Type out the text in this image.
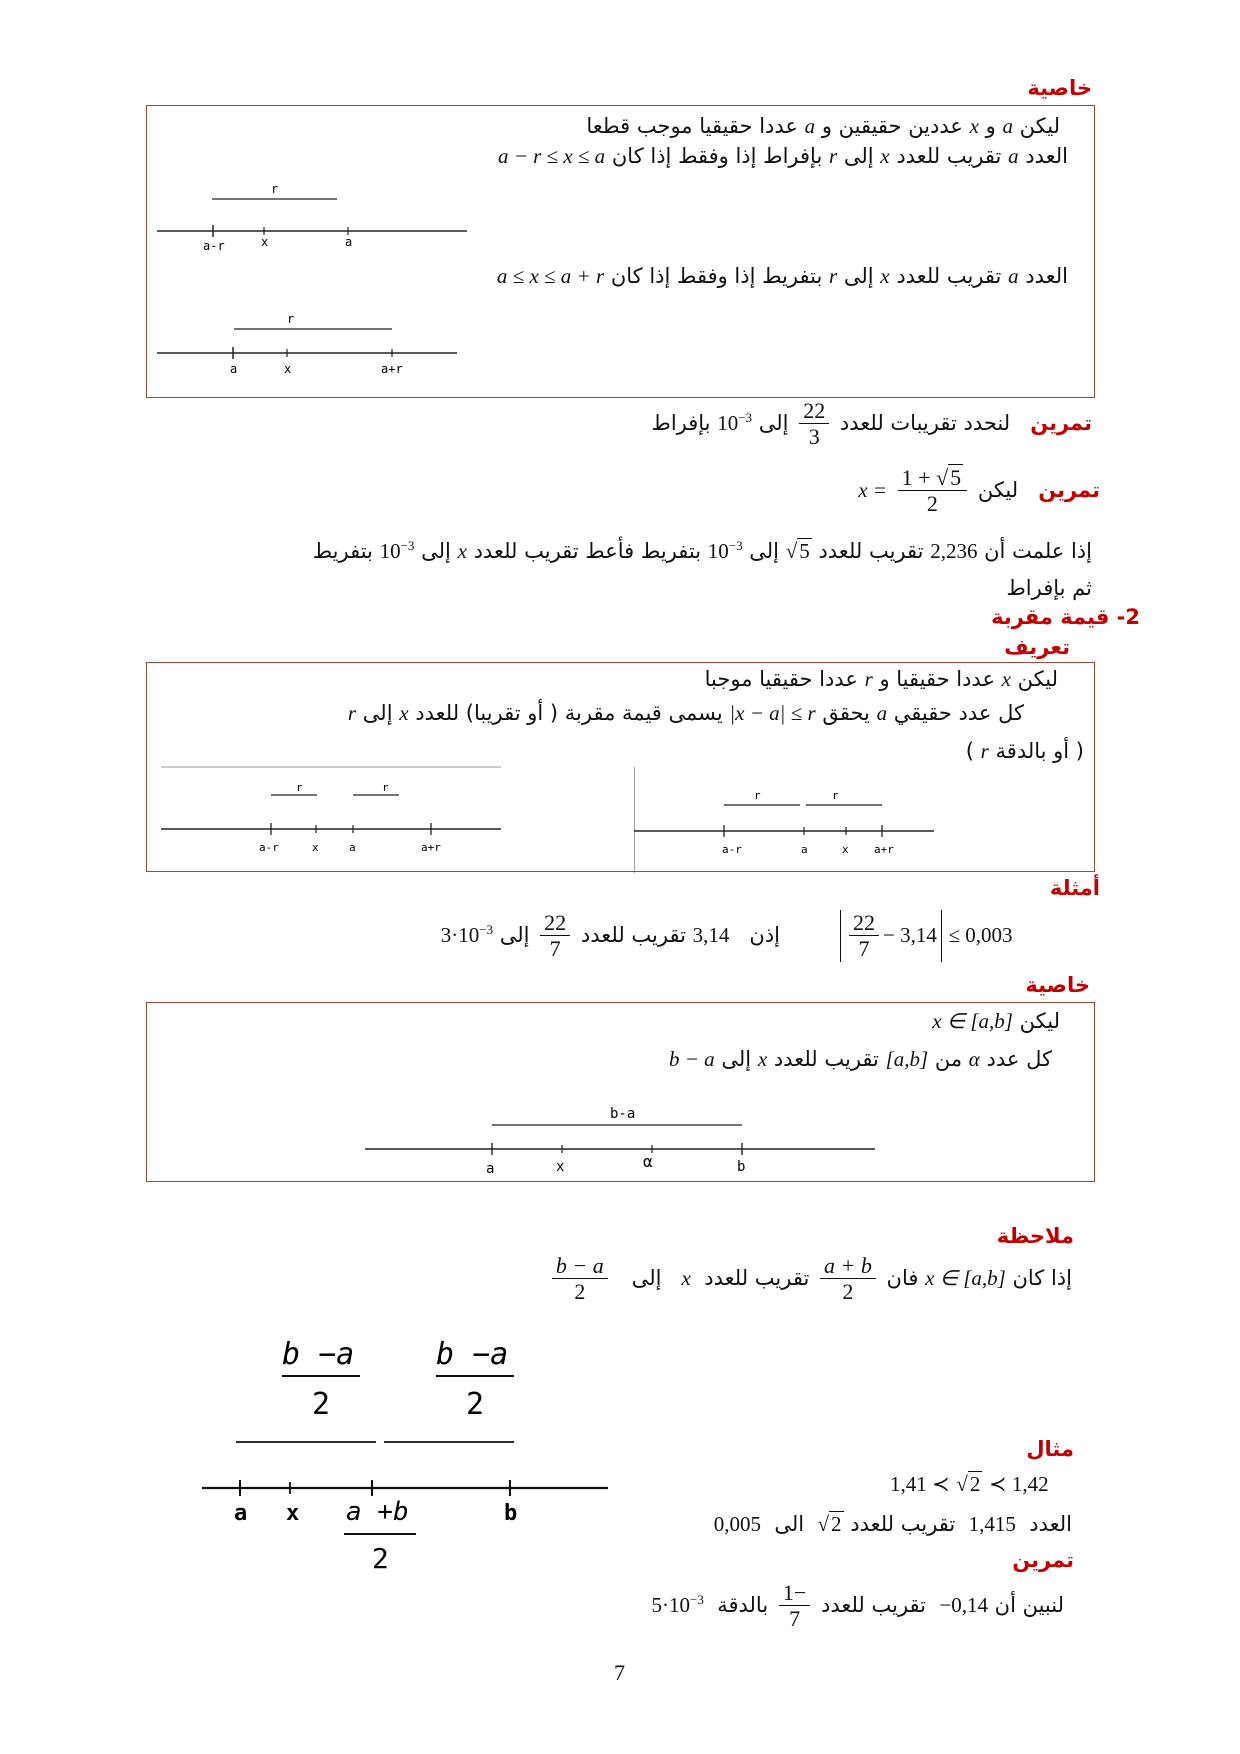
خاصية
ليكن a و x عددين حقيقين و a عددا حقيقيا موجب قطعا
العدد a تقريب للعدد x إلى r بإفراط إذا وفقط إذا كان a − r ≤ x ≤ a
r
a-r	x	a
العدد a تقريب للعدد x إلى r بتفريط إذا وفقط إذا كان a ≤ x ≤ a + r
r
a	x	a+r
تمرين   لنحدد تقريبات للعدد
$\frac{22}{3}$
إلى $10^{-3}$ بإفراط
تمرين   ليكن $x = \frac{1 + √5}{2}$
إذا علمت أن 2,236 تقريب للعدد √5 إلى $10^{-3}$ بتفريط فأعط تقريب للعدد x إلى $10^{-3}$ بتفريط
ثم بإفراط
2- قيمة مقربة
تعريف
ليكن x عددا حقيقيا و r عددا حقيقيا موجبا
كل عدد حقيقي a يحقق |x − a| ≤ r يسمى قيمة مقربة ( أو تقريبا) للعدد x إلى r
( أو بالدقة r )
r	r
a-r	x	a	a+r
r	r
a-r	a	x a+r
أمثلة
$\frac{22}{7} - 3,14 \le 0,003$
إذن   3,14 تقريب للعدد
$\frac{22}{7}$
إلى $3\cdot 10^{-3}$
خاصية
ليكن x ∈ [a,b]
كل عدد α من [a,b] تقريب للعدد x إلى b − a
b-a
a	x	α	b
ملاحظة
إذا كان x ∈ [a,b] فان
$\frac{a + b}{2}$
تقريب للعدد  x   إلى
$\frac{b - a}{2}$
b −a
2
b −a
2
a x a +b
2
b
مثال
1,41 ≺ √2 ≺ 1,42
العدد  1,415  تقريب للعدد √2  الى  0,005
تمرين
لنبين أن −0,14  تقريب للعدد
$\frac{-1}{7}$
بالدقة  $5\cdot 10^{-3}$
7
